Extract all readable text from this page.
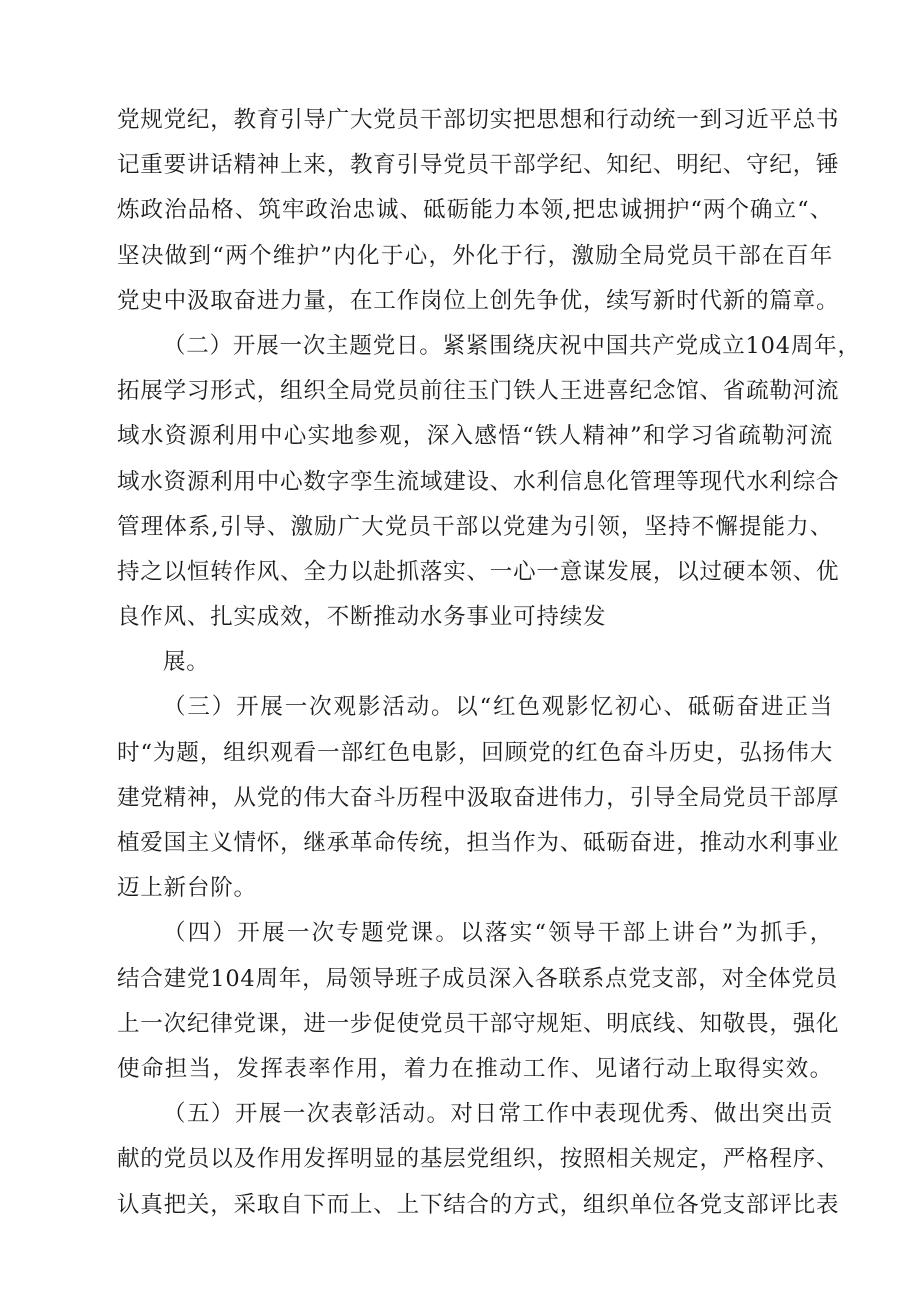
党规党纪，教育引导广大党员干部切实把思想和行动统一到习近平总书
记重要讲话精神上来，教育引导党员干部学纪、知纪、明纪、守纪，锤
炼政治品格、筑牢政治忠诚、砥砺能力本领,把忠诚拥护“两个确立“、
坚决做到“两个维护”内化于心，外化于行，激励全局党员干部在百年
党史中汲取奋进力量，在工作岗位上创先争优，续写新时代新的篇章。
（二）开展一次主题党日。紧紧围绕庆祝中国共产党成立104周年，
拓展学习形式，组织全局党员前往玉门铁人王进喜纪念馆、省疏勒河流
域水资源利用中心实地参观，深入感悟“铁人精神”和学习省疏勒河流
域水资源利用中心数字孪生流域建设、水利信息化管理等现代水利综合
管理体系,引导、激励广大党员干部以党建为引领，坚持不懈提能力、
持之以恒转作风、全力以赴抓落实、一心一意谋发展，以过硬本领、优
良作风、扎实成效，不断推动水务事业可持续发
展。
（三）开展一次观影活动。以“红色观影忆初心、砥砺奋进正当
时“为题，组织观看一部红色电影，回顾党的红色奋斗历史，弘扬伟大
建党精神，从党的伟大奋斗历程中汲取奋进伟力，引导全局党员干部厚
植爱国主义情怀，继承革命传统，担当作为、砥砺奋进，推动水利事业
迈上新台阶。
（四）开展一次专题党课。以落实“领导干部上讲台”为抓手，
结合建党104周年，局领导班子成员深入各联系点党支部，对全体党员
上一次纪律党课，进一步促使党员干部守规矩、明底线、知敬畏，强化
使命担当，发挥表率作用，着力在推动工作、见诸行动上取得实效。
（五）开展一次表彰活动。对日常工作中表现优秀、做出突出贡
献的党员以及作用发挥明显的基层党组织，按照相关规定，严格程序、
认真把关，采取自下而上、上下结合的方式，组织单位各党支部评比表
